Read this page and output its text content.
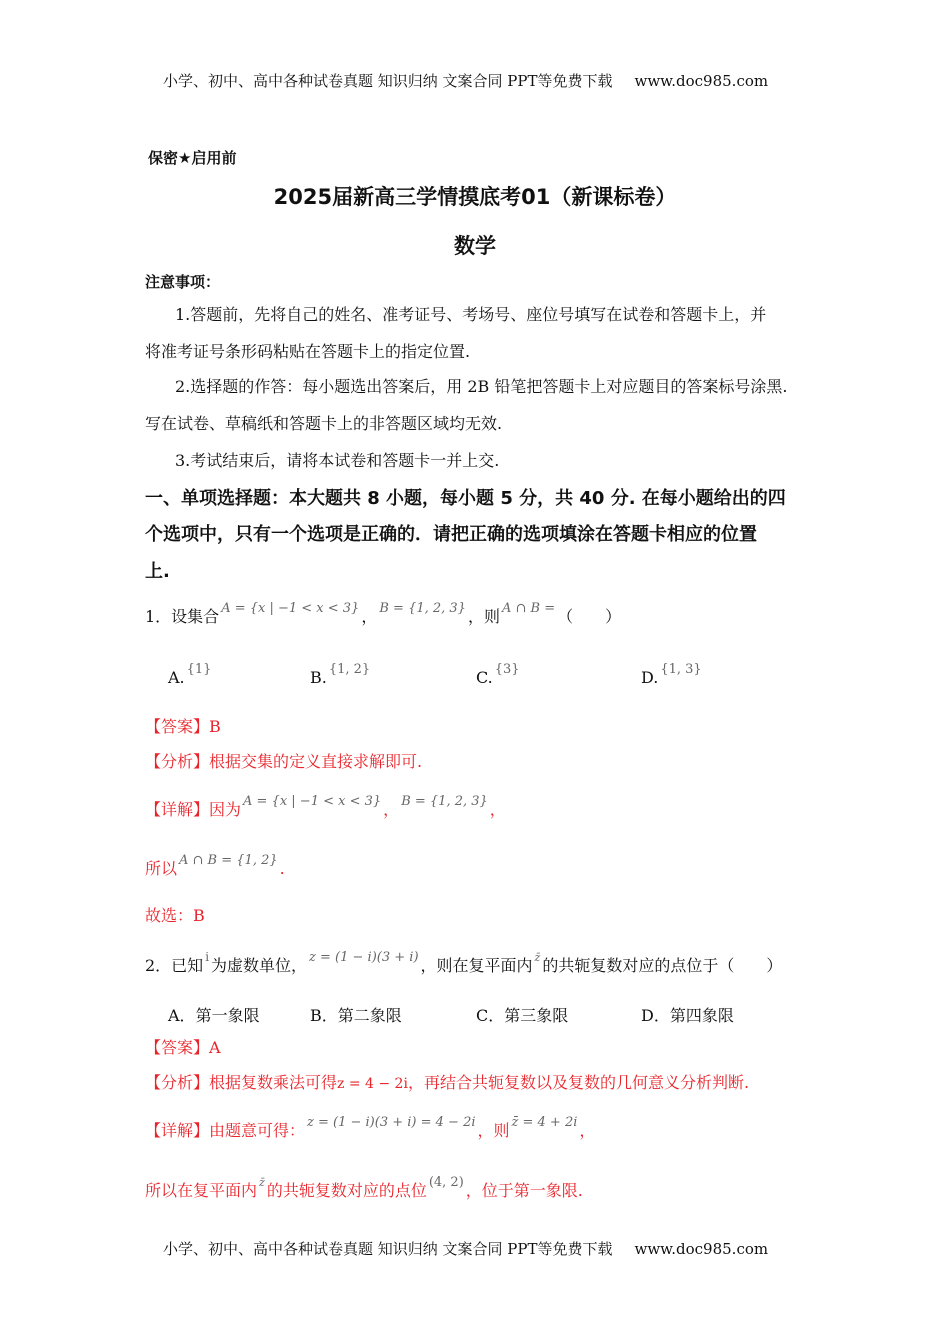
小学、初中、高中各种试卷真题 知识归纳 文案合同 PPT等免费下载 www.doc985.com
保密★启用前
2025届新高三学情摸底考01（新课标卷）
数学
注意事项：
1.答题前，先将自己的姓名、准考证号、考场号、座位号填写在试卷和答题卡上，并
将准考证号条形码粘贴在答题卡上的指定位置.
2.选择题的作答：每小题选出答案后，用 2B 铅笔把答题卡上对应题目的答案标号涂黑.
写在试卷、草稿纸和答题卡上的非答题区域均无效.
3.考试结束后，请将本试卷和答题卡一并上交.
一、单项选择题：本大题共 8 小题，每小题 5 分，共 40 分. 在每小题给出的四
个选项中，只有一个选项是正确的．请把正确的选项填涂在答题卡相应的位置
上.
1．设集合 $^{A = \{x | -1 < x < 3\}}$ ， $^{B = \{1, 2, 3\}}$ ，则 $^{A \cap B =}$ （　　）
A. $^{\{1\}}$	B. $^{\{1, 2\}}$	C. $^{\{3\}}$	D. $^{\{1, 3\}}$
【答案】B
【分析】根据交集的定义直接求解即可.
【详解】因为 $^{A = \{x | -1 < x < 3\}}$ ， $^{B = \{1, 2, 3\}}$ ，
所以 $^{A \cap B = \{1, 2\}}$ .
故选：B
2．已知 $^i$ 为虚数单位， $^{z = (1 - i)(3 + i)}$ ，则在复平面内 $^{z̄}$ 的共轭复数对应的点位于（　　）
A．第一象限	B．第二象限	C．第三象限	D．第四象限
【答案】A
【分析】根据复数乘法可得z = 4 − 2i，再结合共轭复数以及复数的几何意义分析判断.
【详解】由题意可得： $^{z = (1 - i)(3 + i) = 4 - 2i}$ ，则 $^{z̄ = 4 + 2i}$ ，
所以在复平面内 $^{z̄}$ 的共轭复数对应的点位 $^{(4, 2)}$ ，位于第一象限.
小学、初中、高中各种试卷真题 知识归纳 文案合同 PPT等免费下载 www.doc985.com
